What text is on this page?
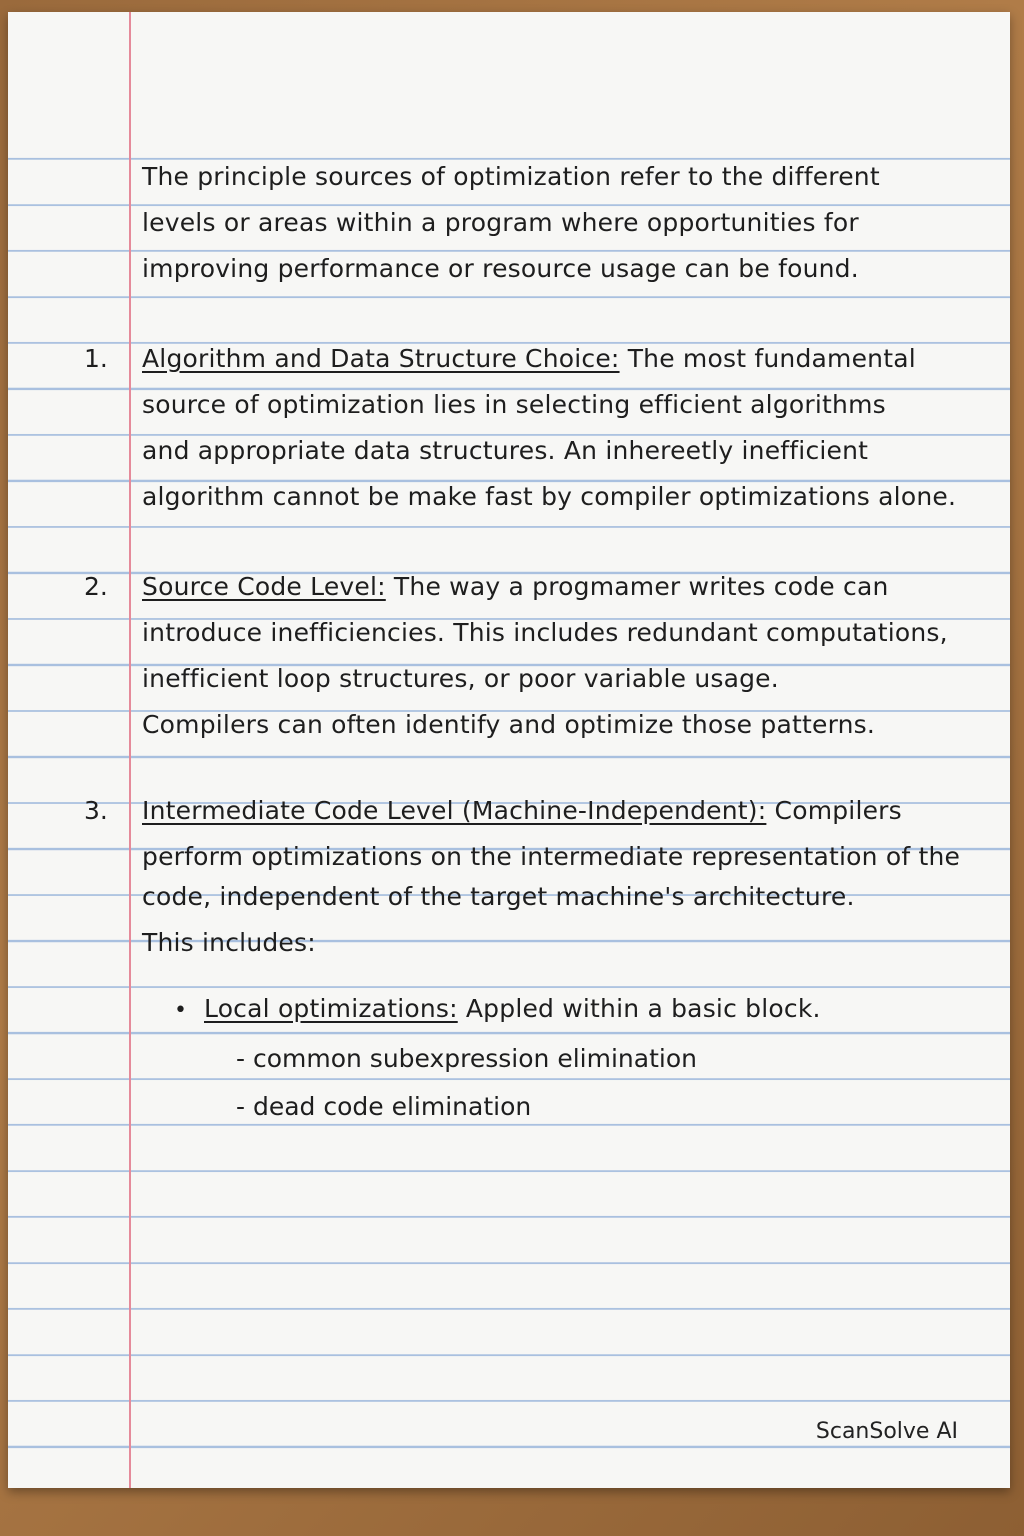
The principle sources of optimization refer to the different
levels or areas within a program where opportunities for
improving performance or resource usage can be found.
1. Algorithm and Data Structure Choice: The most fundamental
source of optimization lies in selecting efficient algorithms
and appropriate data structures. An inhereetly inefficient
algorithm cannot be make fast by compiler optimizations alone.
2. Source Code Level: The way a progmamer writes code can
introduce inefficiencies. This includes redundant computations,
inefficient loop structures, or poor variable usage.
Compilers can often identify and optimize those patterns.
3. Intermediate Code Level (Machine-Independent): Compilers
perform optimizations on the intermediate representation of the
code, independent of the target machine's architecture.
This includes:
• Local optimizations: Appled within a basic block.
- common subexpression elimination
- dead code elimination
ScanSolve AI
